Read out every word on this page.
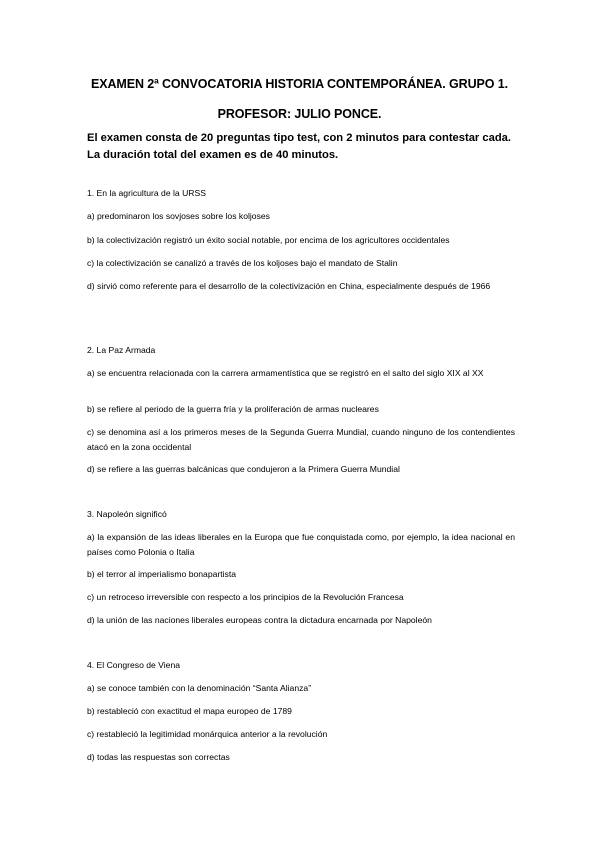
EXAMEN 2ª CONVOCATORIA HISTORIA CONTEMPORÁNEA. GRUPO 1.
PROFESOR: JULIO PONCE.
El examen consta de 20 preguntas tipo test, con 2 minutos para contestar cada. La duración total del examen es de 40 minutos.
1. En la agricultura de la URSS
a) predominaron los sovjoses sobre los koljoses
b) la colectivización registró un éxito social notable, por encima de los agricultores occidentales
c) la colectivización se canalizó a través de los koljoses bajo el mandato de Stalin
d) sirvió como referente para el desarrollo de la colectivización en China, especialmente después de 1966
2. La Paz Armada
a) se encuentra relacionada con la carrera armamentística que se registró en el salto del siglo XIX al XX
b) se refiere al periodo de la guerra fría y la proliferación de armas nucleares
c) se denomina así a los primeros meses de la Segunda Guerra Mundial, cuando ninguno de los contendientes atacó en la zona occidental
d) se refiere a las guerras balcánicas que condujeron a la Primera Guerra Mundial
3. Napoleón significó
a) la expansión de las ideas liberales en la Europa que fue conquistada como, por ejemplo, la idea nacional en países como Polonia o Italia
b) el terror al imperialismo bonapartista
c) un retroceso irreversible con respecto a los principios de la Revolución Francesa
d) la unión de las naciones liberales europeas contra la dictadura encarnada por Napoleón
4. El Congreso de Viena
a) se conoce también con la denominación “Santa Alianza”
b) restableció con exactitud el mapa europeo de 1789
c) restableció la legitimidad monárquica anterior a la revolución
d) todas las respuestas son correctas
